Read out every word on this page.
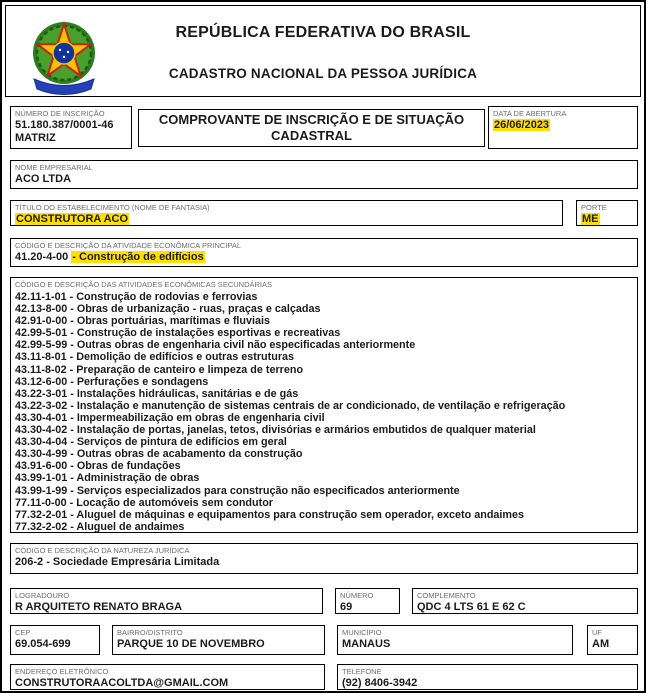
REPÚBLICA FEDERATIVA DO BRASIL
CADASTRO NACIONAL DA PESSOA JURÍDICA
NÚMERO DE INSCRIÇÃO
51.180.387/0001-46
MATRIZ
COMPROVANTE DE INSCRIÇÃO E DE SITUAÇÃO CADASTRAL
DATA DE ABERTURA
26/06/2023
NOME EMPRESARIAL
ACO LTDA
TÍTULO DO ESTABELECIMENTO (NOME DE FANTASIA)
CONSTRUTORA ACO
PORTE
ME
CÓDIGO E DESCRIÇÃO DA ATIVIDADE ECONÔMICA PRINCIPAL
41.20-4-00 - Construção de edifícios
CÓDIGO E DESCRIÇÃO DAS ATIVIDADES ECONÔMICAS SECUNDÁRIAS
42.11-1-01 - Construção de rodovias e ferrovias
42.13-8-00 - Obras de urbanização - ruas, praças e calçadas
42.91-0-00 - Obras portuárias, marítimas e fluviais
42.99-5-01 - Construção de instalações esportivas e recreativas
42.99-5-99 - Outras obras de engenharia civil não especificadas anteriormente
43.11-8-01 - Demolição de edifícios e outras estruturas
43.11-8-02 - Preparação de canteiro e limpeza de terreno
43.12-6-00 - Perfurações e sondagens
43.22-3-01 - Instalações hidráulicas, sanitárias e de gás
43.22-3-02 - Instalação e manutenção de sistemas centrais de ar condicionado, de ventilação e refrigeração
43.30-4-01 - Impermeabilização em obras de engenharia civil
43.30-4-02 - Instalação de portas, janelas, tetos, divisórias e armários embutidos de qualquer material
43.30-4-04 - Serviços de pintura de edifícios em geral
43.30-4-99 - Outras obras de acabamento da construção
43.91-6-00 - Obras de fundações
43.99-1-01 - Administração de obras
43.99-1-99 - Serviços especializados para construção não especificados anteriormente
77.11-0-00 - Locação de automóveis sem condutor
77.32-2-01 - Aluguel de máquinas e equipamentos para construção sem operador, exceto andaimes
77.32-2-02 - Aluguel de andaimes
CÓDIGO E DESCRIÇÃO DA NATUREZA JURÍDICA
206-2 - Sociedade Empresária Limitada
LOGRADOURO
R ARQUITETO RENATO BRAGA
NÚMERO
69
COMPLEMENTO
QDC 4 LTS 61 E 62 C
CEP
69.054-699
BAIRRO/DISTRITO
PARQUE 10 DE NOVEMBRO
MUNICÍPIO
MANAUS
UF
AM
ENDEREÇO ELETRÔNICO
CONSTRUTORAACOLTDA@GMAIL.COM
TELEFONE
(92) 8406-3942
